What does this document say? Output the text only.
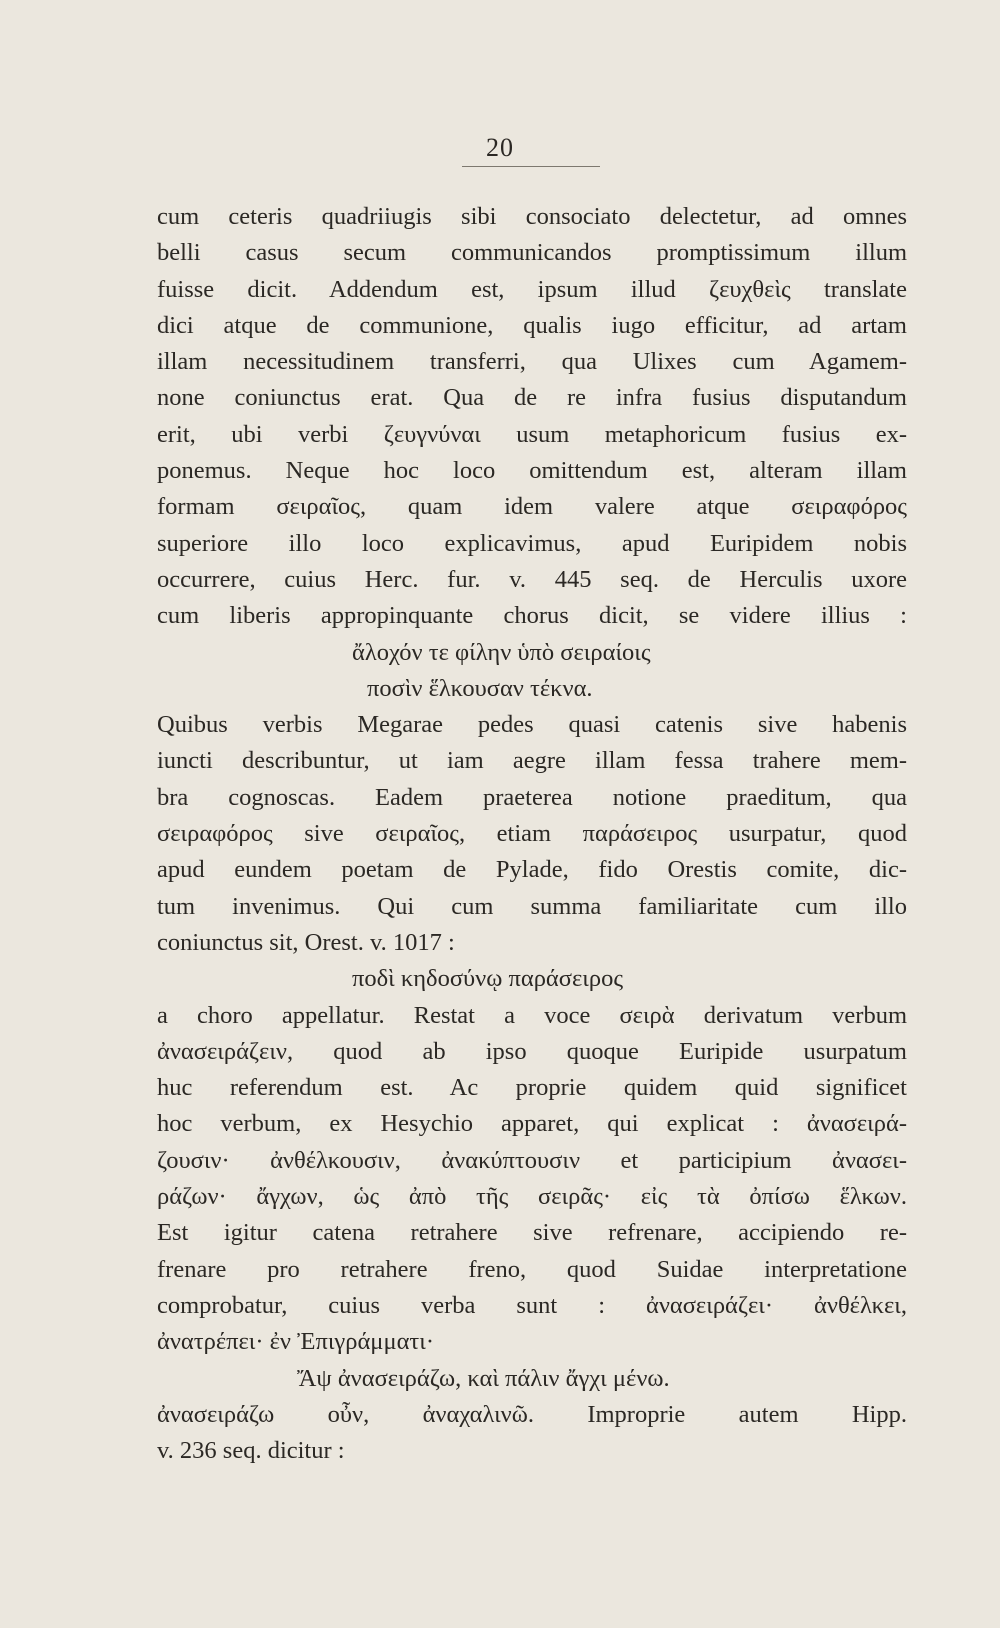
20
cum ceteris quadriiugis sibi consociato delectetur, ad omnes
belli casus secum communicandos promptissimum illum
fuisse dicit. Addendum est, ipsum illud ζευχθεὶς translate
dici atque de communione, qualis iugo efficitur, ad artam
illam necessitudinem transferri, qua Ulixes cum Agamem-
none coniunctus erat. Qua de re infra fusius disputandum
erit, ubi verbi ζευγνύναι usum metaphoricum fusius ex-
ponemus. Neque hoc loco omittendum est, alteram illam
formam σειραῖος, quam idem valere atque σειραφόρος
superiore illo loco explicavimus, apud Euripidem nobis
occurrere, cuius Herc. fur. v. 445 seq. de Herculis uxore
cum liberis appropinquante chorus dicit, se videre illius :
ἄλοχόν τε φίλην ὑπὸ σειραίοις
ποσὶν ἕλκουσαν τέκνα.
Quibus verbis Megarae pedes quasi catenis sive habenis
iuncti describuntur, ut iam aegre illam fessa trahere mem-
bra cognoscas. Eadem praeterea notione praeditum, qua
σειραφόρος sive σειραῖος, etiam παράσειρος usurpatur, quod
apud eundem poetam de Pylade, fido Orestis comite, dic-
tum invenimus. Qui cum summa familiaritate cum illo
coniunctus sit, Orest. v. 1017 :
ποδὶ κηδοσύνῳ παράσειρος
a choro appellatur. Restat a voce σειρὰ derivatum verbum
ἀνασειράζειν, quod ab ipso quoque Euripide usurpatum
huc referendum est. Ac proprie quidem quid significet
hoc verbum, ex Hesychio apparet, qui explicat : ἀνασειρά-
ζουσιν· ἀνθέλκουσιν, ἀνακύπτουσιν et participium ἀνασει-
ράζων· ἄγχων, ὡς ἀπὸ τῆς σειρᾶς· εἰς τὰ ὀπίσω ἕλκων.
Est igitur catena retrahere sive refrenare, accipiendo re-
frenare pro retrahere freno, quod Suidae interpretatione
comprobatur, cuius verba sunt : ἀνασειράζει· ἀνθέλκει,
ἀνατρέπει· ἐν Ἐπιγράμματι·
Ἄψ ἀνασειράζω, καὶ πάλιν ἄγχι μένω.
ἀνασειράζω οὖν, ἀναχαλινῶ. Improprie autem Hipp.
v. 236 seq. dicitur :
